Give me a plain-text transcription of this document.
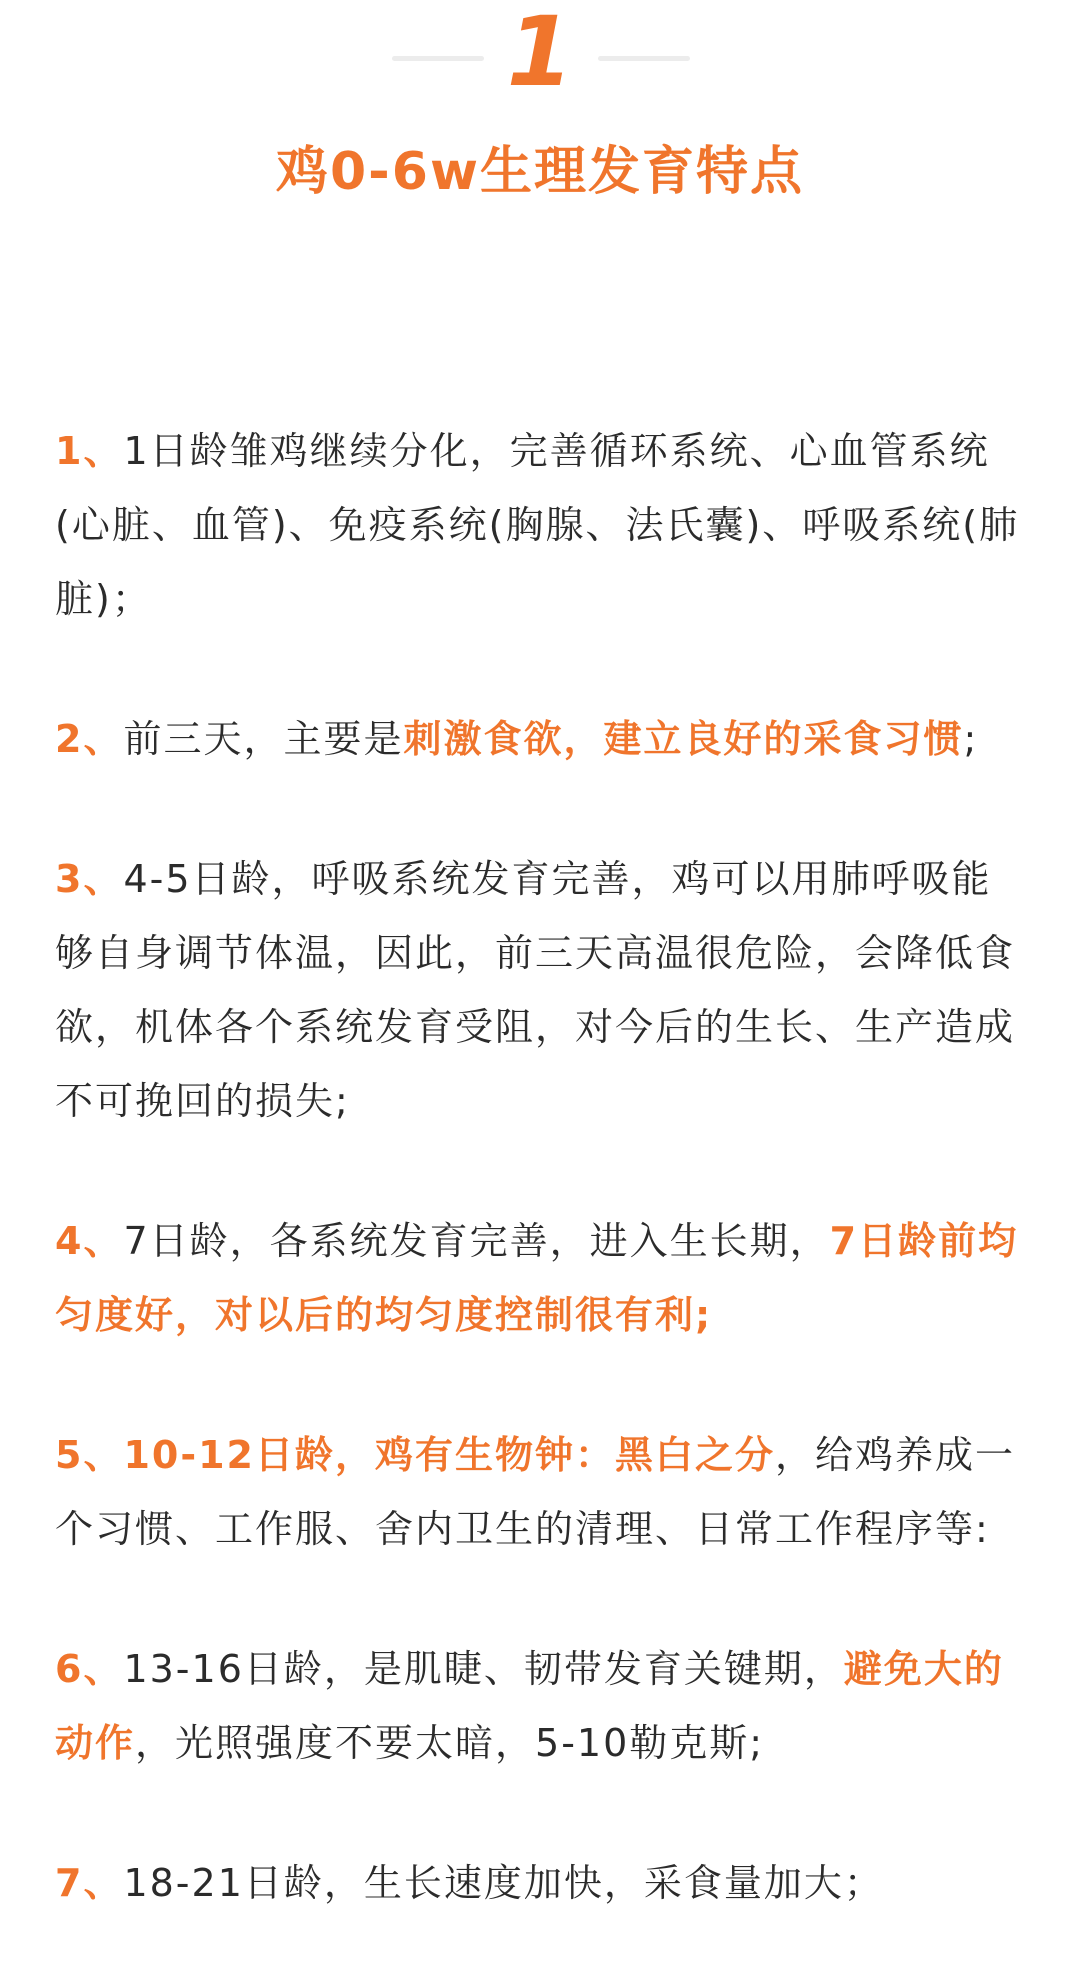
1
鸡0-6w生理发育特点

1、1日龄雏鸡继续分化，完善循环系统、心血管系统(心脏、血管)、免疫系统(胸腺、法氏囊)、呼吸系统(肺脏)；

2、前三天，主要是刺激食欲，建立良好的采食习惯;

3、4-5日龄，呼吸系统发育完善，鸡可以用肺呼吸能够自身调节体温，因此，前三天高温很危险，会降低食欲，机体各个系统发育受阻，对今后的生长、生产造成不可挽回的损失;

4、7日龄，各系统发育完善，进入生长期，7日龄前均匀度好，对以后的均匀度控制很有利;

5、10-12日龄，鸡有生物钟：黑白之分，给鸡养成一个习惯、工作服、舍内卫生的清理、日常工作程序等:

6、13-16日龄，是肌睫、韧带发育关键期，避免大的动作，光照强度不要太暗，5-10勒克斯;

7、18-21日龄，生长速度加快，采食量加大；
